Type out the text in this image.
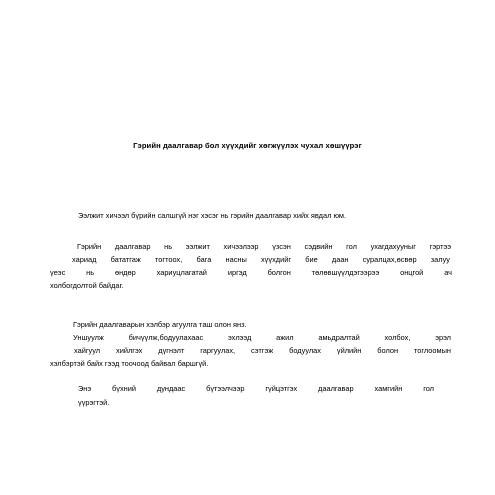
Гэрийн даалгавар бол хүүхдийг хөгжүүлэх чухал хөшүүрэг
Ээлжит хичээл бүрийн салшгүй нэг хэсэг нь гэрийн даалгавар хийх явдал юм.
Гэрийн даалгавар нь ээлжит хичээлээр үзсэн сэдвийн гол ухагдахууныг гэртээ
хариад бататгаж тогтоох, бага насны хүүхдийг бие даан суралцах,өсвөр залуу
үеэс нь өндөр хариуцлагатай иргэд болгон төлөвшүүлдэгээрээ онцгой ач
холбогдолтой байдаг.
Гэрийн даалгаварын хэлбэр агуулга таш олон янз.
Уншуулж бичүүлж,бодуулахаас эхлээд ажил амьдралтай холбох, эрэл
хайгуул хийлгэх дүгнэлт гаргуулах, сэтгэж бодуулах үйлийн болон тоглоомын
хэлбэртэй байх гээд тоочоод байвал баршгүй.
Энэ бүхний дундаас бүтээлчээр гүйцэтгэх даалгавар хамгийн гол
үүрэгтэй.
